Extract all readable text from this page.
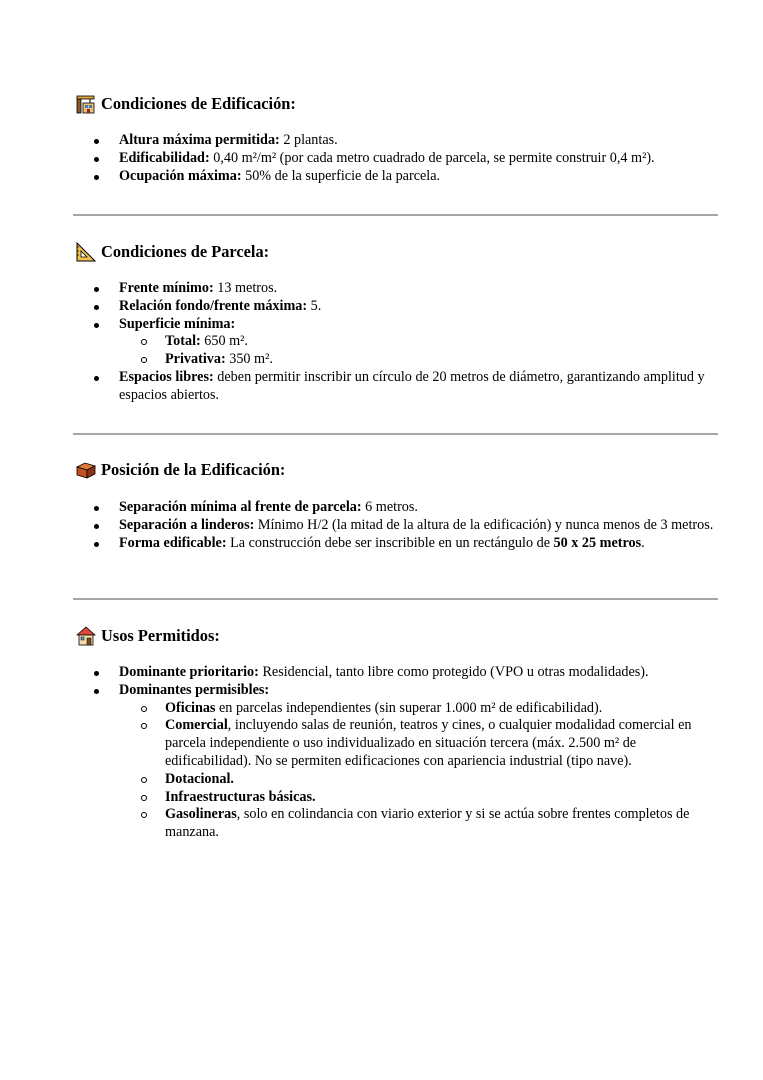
Condiciones de Edificación:
Altura máxima permitida: 2 plantas.
Edificabilidad: 0,40 m²/m² (por cada metro cuadrado de parcela, se permite construir 0,4 m²).
Ocupación máxima: 50% de la superficie de la parcela.
Condiciones de Parcela:
Frente mínimo: 13 metros.
Relación fondo/frente máxima: 5.
Superficie mínima:
Total: 650 m².
Privativa: 350 m².
Espacios libres: deben permitir inscribir un círculo de 20 metros de diámetro, garantizando amplitud y espacios abiertos.
Posición de la Edificación:
Separación mínima al frente de parcela: 6 metros.
Separación a linderos: Mínimo H/2 (la mitad de la altura de la edificación) y nunca menos de 3 metros.
Forma edificable: La construcción debe ser inscribible en un rectángulo de 50 x 25 metros.
Usos Permitidos:
Dominante prioritario: Residencial, tanto libre como protegido (VPO u otras modalidades).
Dominantes permisibles:
Oficinas en parcelas independientes (sin superar 1.000 m² de edificabilidad).
Comercial, incluyendo salas de reunión, teatros y cines, o cualquier modalidad comercial en parcela independiente o uso individualizado en situación tercera (máx. 2.500 m² de edificabilidad). No se permiten edificaciones con apariencia industrial (tipo nave).
Dotacional.
Infraestructuras básicas.
Gasolineras, solo en colindancia con viario exterior y si se actúa sobre frentes completos de manzana.
